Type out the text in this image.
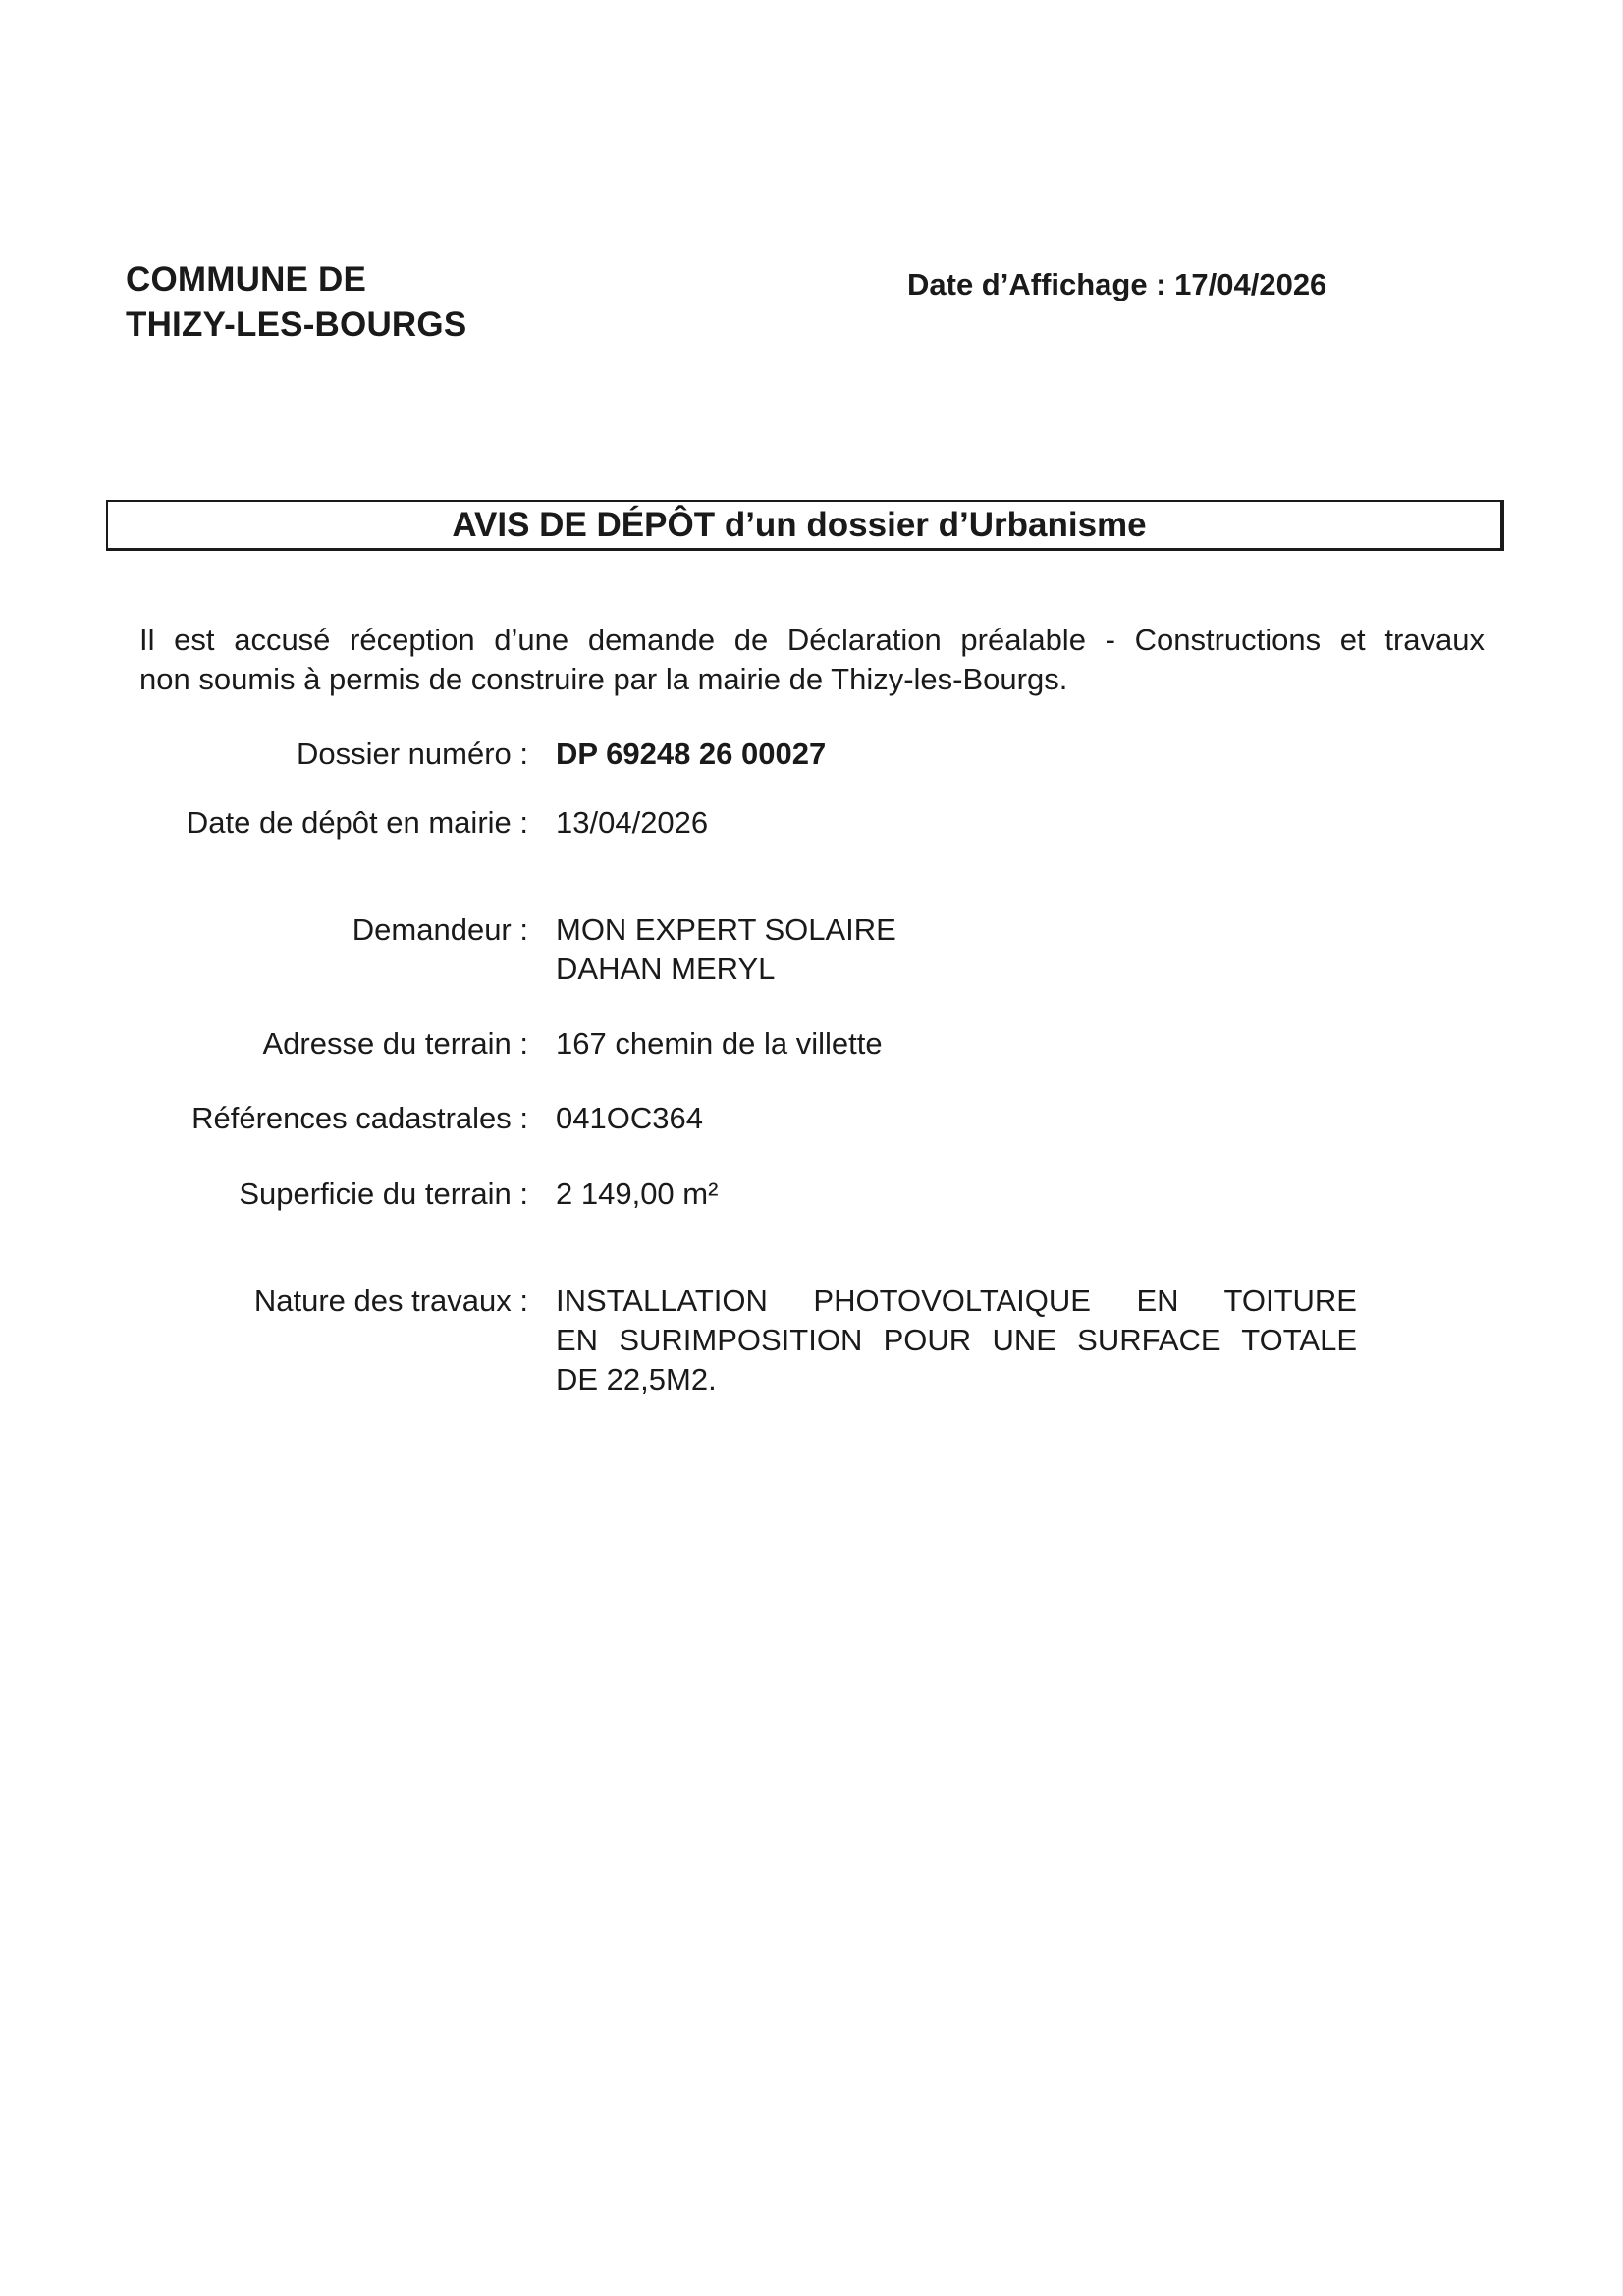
COMMUNE DE
THIZY-LES-BOURGS
Date d’Affichage : 17/04/2026
AVIS DE DÉPÔT d’un dossier d’Urbanisme
Il est accusé réception d’une demande de Déclaration préalable - Constructions et travaux
non soumis à permis de construire par la mairie de Thizy-les-Bourgs.
Dossier numéro : DP 69248 26 00027
Date de dépôt en mairie : 13/04/2026
Demandeur : MON EXPERT SOLAIRE
DAHAN MERYL
Adresse du terrain : 167 chemin de la villette
Références cadastrales : 041OC364
Superficie du terrain : 2 149,00 m²
Nature des travaux : INSTALLATION PHOTOVOLTAIQUE EN TOITURE
EN SURIMPOSITION POUR UNE SURFACE TOTALE
DE 22,5M2.
